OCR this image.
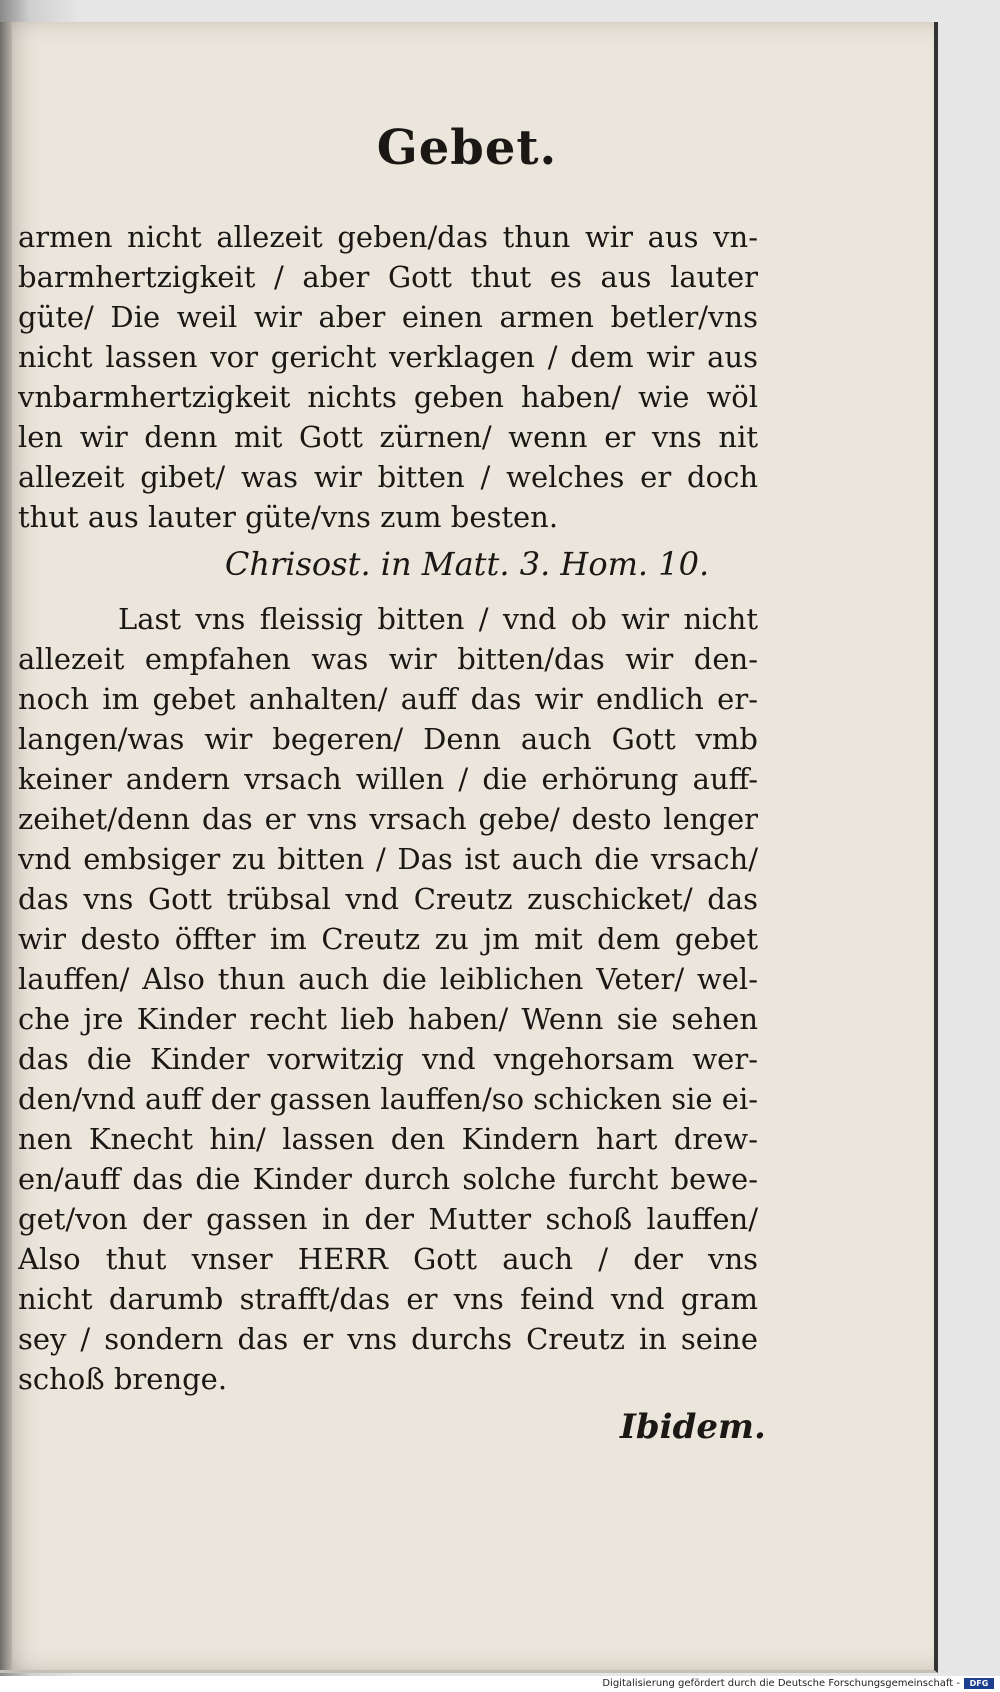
Gebet.
armen nicht allezeit geben/das thun wir aus vn-
barmhertzigkeit / aber Gott thut es aus lauter
güte/ Die weil wir aber einen armen betler/vns
nicht lassen vor gericht verklagen / dem wir aus
vnbarmhertzigkeit nichts geben haben/ wie wöl
len wir denn mit Gott zürnen/ wenn er vns nit
allezeit gibet/ was wir bitten / welches er doch
thut aus lauter güte/vns zum besten.
Chrisost. in Matt. 3. Hom. 10.
Last vns fleissig bitten / vnd ob wir nicht
allezeit empfahen was wir bitten/das wir den-
noch im gebet anhalten/ auff das wir endlich er-
langen/was wir begeren/ Denn auch Gott vmb
keiner andern vrsach willen / die erhörung auff-
zeihet/denn das er vns vrsach gebe/ desto lenger
vnd embsiger zu bitten / Das ist auch die vrsach/
das vns Gott trübsal vnd Creutz zuschicket/ das
wir desto öffter im Creutz zu jm mit dem gebet
lauffen/ Also thun auch die leiblichen Veter/ wel-
che jre Kinder recht lieb haben/ Wenn sie sehen
das die Kinder vorwitzig vnd vngehorsam wer-
den/vnd auff der gassen lauffen/so schicken sie ei-
nen Knecht hin/ lassen den Kindern hart drew-
en/auff das die Kinder durch solche furcht bewe-
get/von der gassen in der Mutter schoß lauffen/
Also thut vnser HERR Gott auch / der vns
nicht darumb strafft/das er vns feind vnd gram
sey / sondern das er vns durchs Creutz in seine
schoß brenge.
Ibidem.
Digitalisierung gefördert durch die Deutsche Forschungsgemeinschaft -	DFG
